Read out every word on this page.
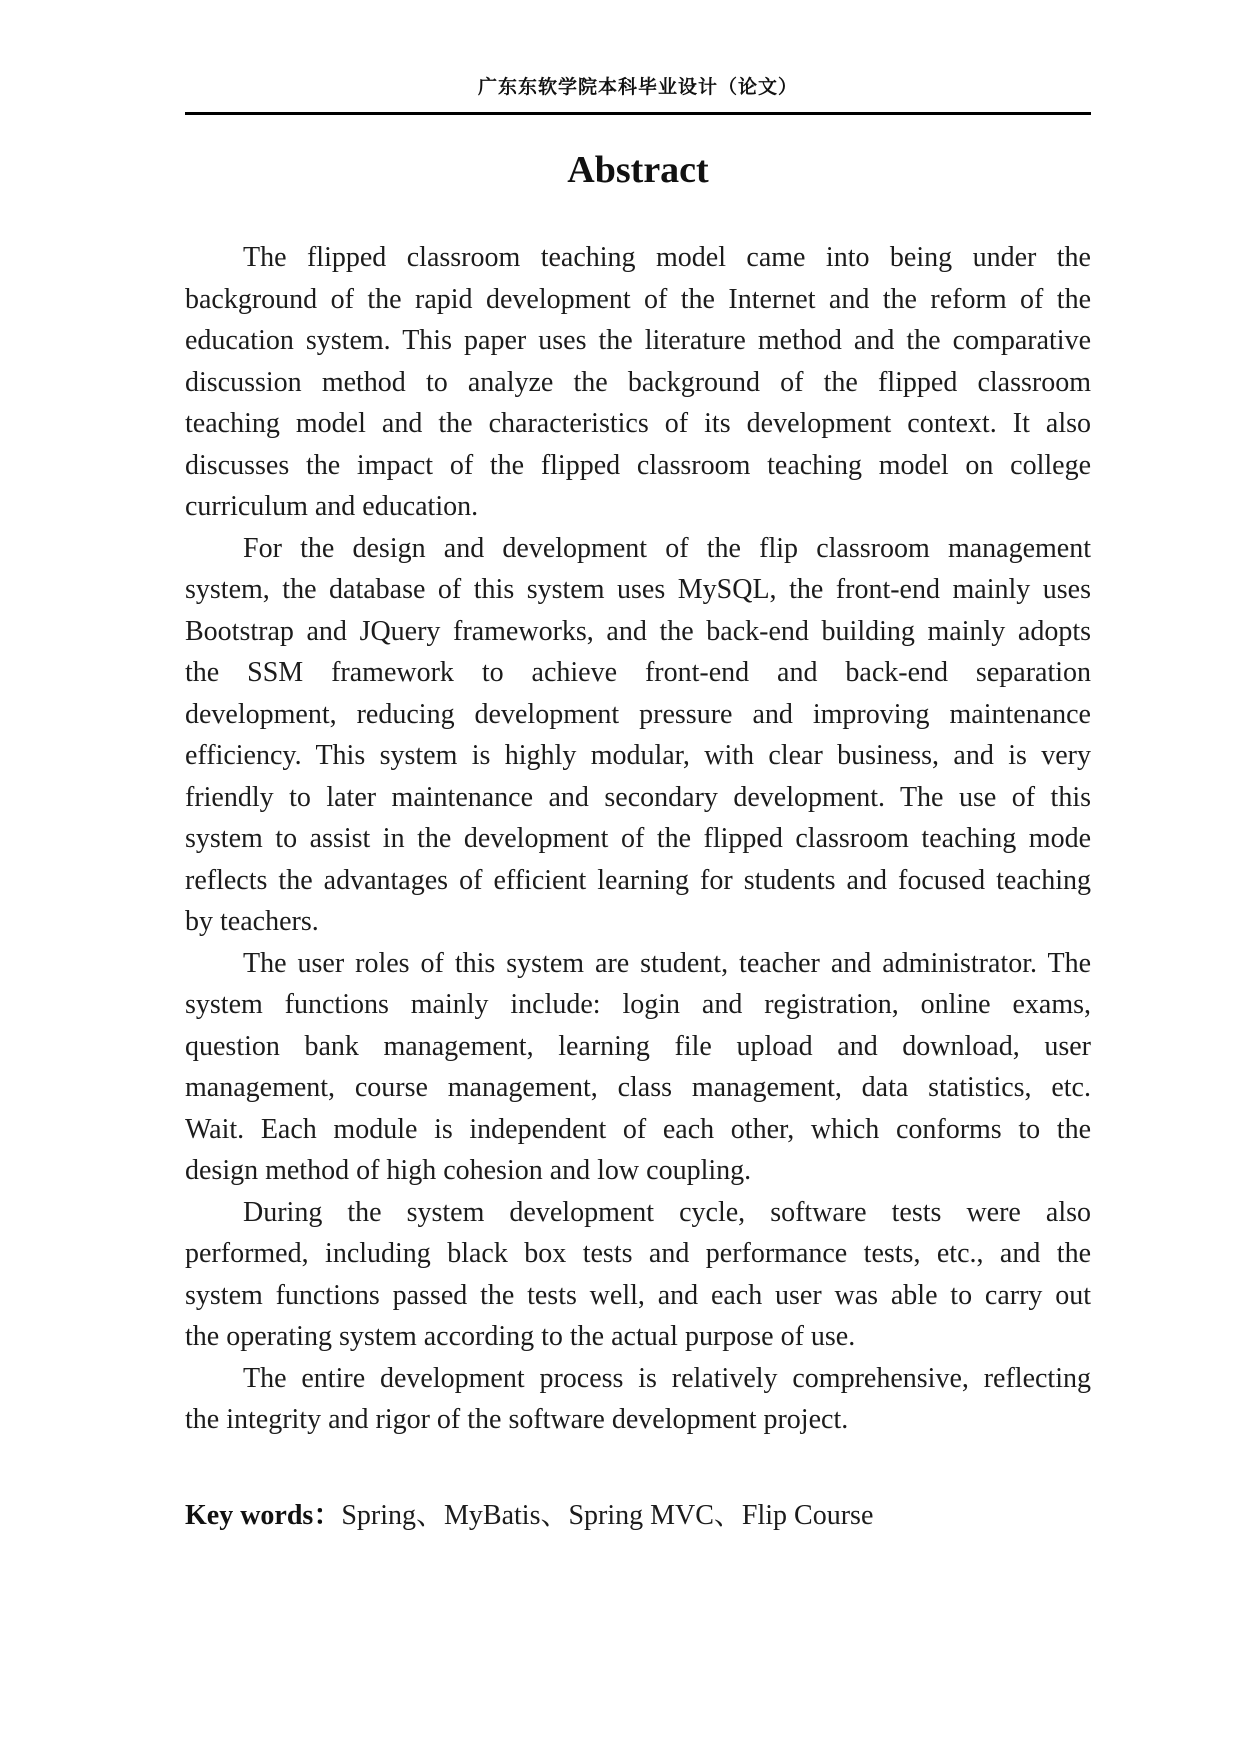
广东东软学院本科毕业设计（论文）
Abstract

The flipped classroom teaching model came into being under the
background of the rapid development of the Internet and the reform of the
education system. This paper uses the literature method and the comparative
discussion method to analyze the background of the flipped classroom
teaching model and the characteristics of its development context. It also
discusses the impact of the flipped classroom teaching model on college
curriculum and education.

For the design and development of the flip classroom management
system, the database of this system uses MySQL, the front-end mainly uses
Bootstrap and JQuery frameworks, and the back-end building mainly adopts
the SSM framework to achieve front-end and back-end separation
development, reducing development pressure and improving maintenance
efficiency. This system is highly modular, with clear business, and is very
friendly to later maintenance and secondary development. The use of this
system to assist in the development of the flipped classroom teaching mode
reflects the advantages of efficient learning for students and focused teaching
by teachers.

The user roles of this system are student, teacher and administrator. The
system functions mainly include: login and registration, online exams,
question bank management, learning file upload and download, user
management, course management, class management, data statistics, etc.
Wait. Each module is independent of each other, which conforms to the
design method of high cohesion and low coupling.

During the system development cycle, software tests were also
performed, including black box tests and performance tests, etc., and the
system functions passed the tests well, and each user was able to carry out
the operating system according to the actual purpose of use.

The entire development process is relatively comprehensive, reflecting
the integrity and rigor of the software development project.

Key words：Spring、MyBatis、Spring MVC、Flip Course
